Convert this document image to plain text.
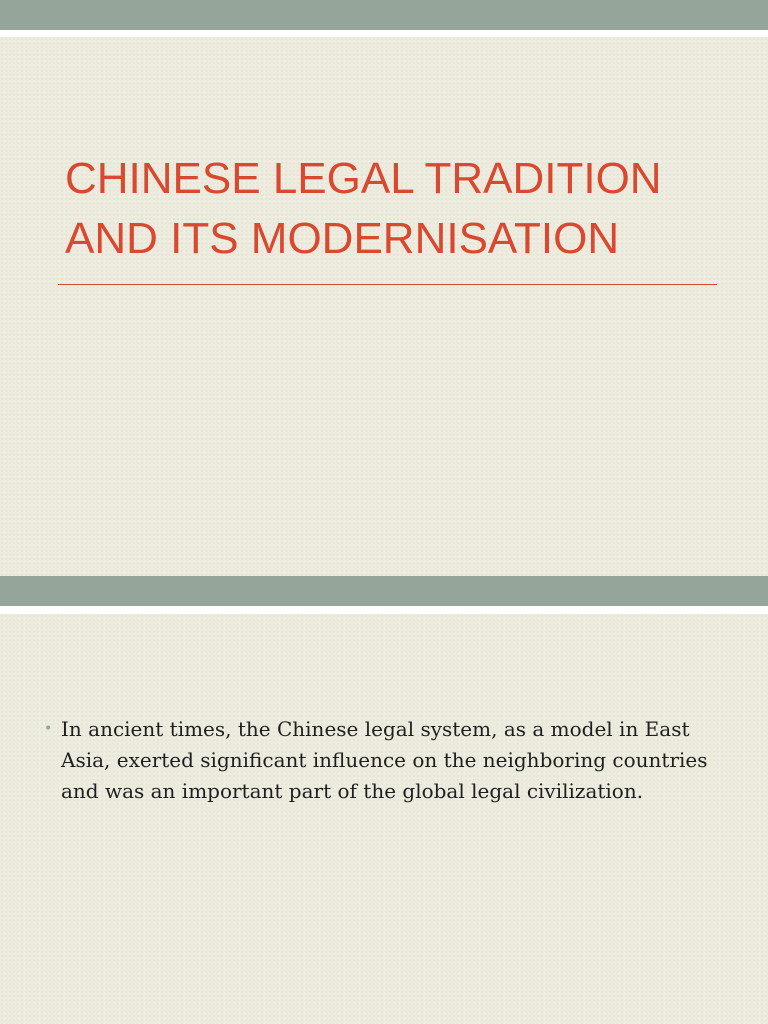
CHINESE LEGAL TRADITION AND ITS MODERNISATION
• In ancient times, the Chinese legal system, as a model in East Asia, exerted significant influence on the neighboring countries and was an important part of the global legal civilization.
